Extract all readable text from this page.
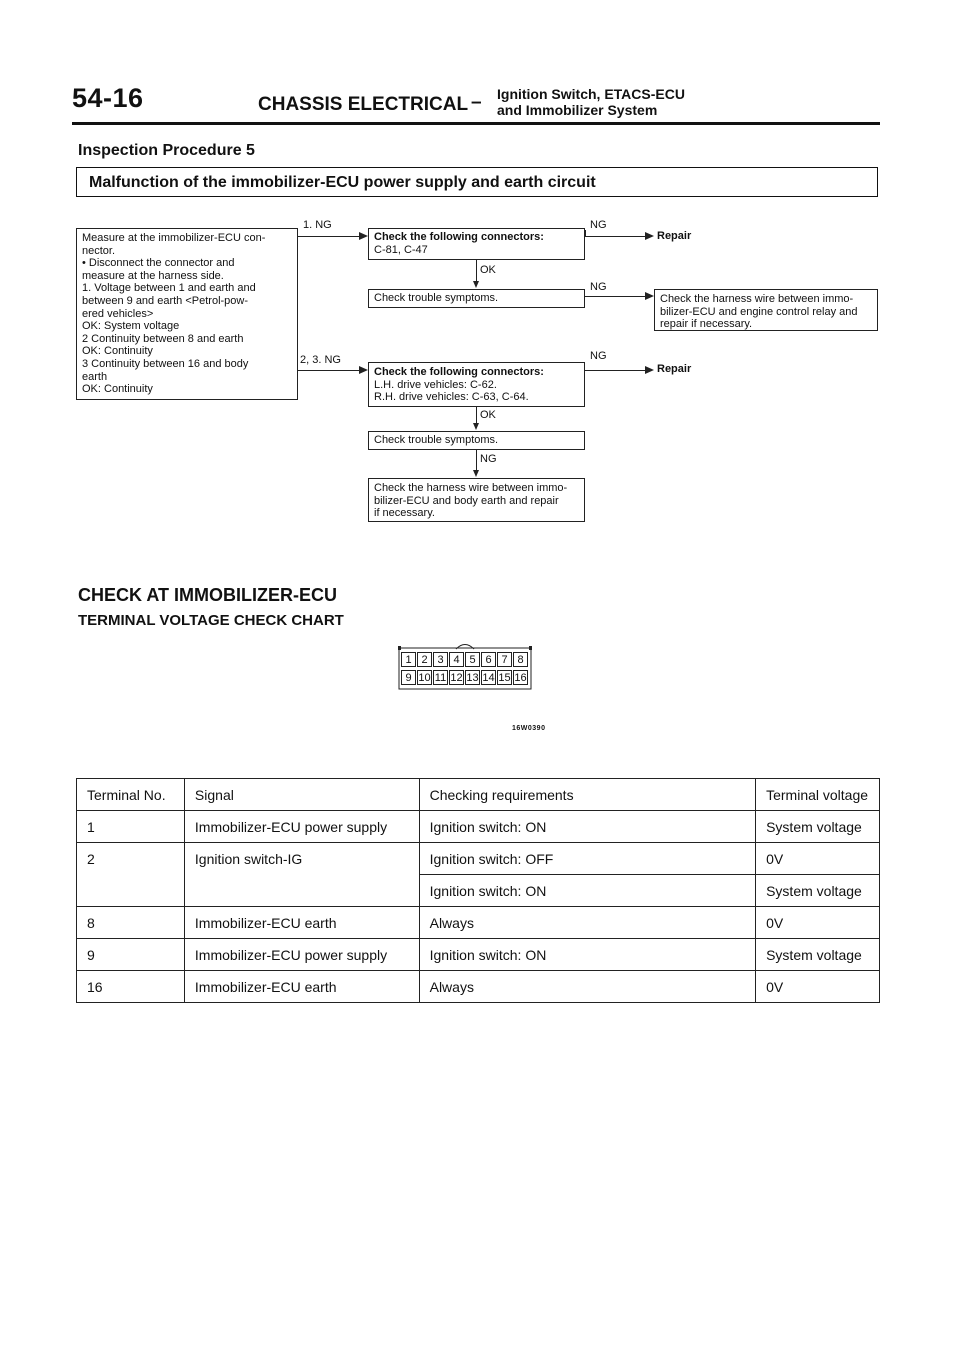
54-16	CHASSIS ELECTRICAL – Ignition Switch, ETACS-ECU
and Immobilizer System
Inspection Procedure 5
Malfunction of the immobilizer-ECU power supply and earth circuit
Measure at the immobilizer-ECU con-
nector.
• Disconnect the connector and
measure at the harness side.
1. Voltage between 1 and earth and
between 9 and earth <Petrol-pow-
ered vehicles>
OK: System voltage
2 Continuity between 8 and earth
OK: Continuity
3 Continuity between 16 and body
earth
OK: Continuity
1. NG
Check the following connectors:
C-81, C-47
OK
Check trouble symptoms.
NG
Repair
NG
Check the harness wire between immo-
bilizer-ECU and engine control relay and
repair if necessary.
2, 3. NG
Check the following connectors:
L.H. drive vehicles: C-62.
R.H. drive vehicles: C-63, C-64.
NG
Repair
OK
Check trouble symptoms.
NG
Check the harness wire between immo-
bilizer-ECU and body earth and repair
if necessary.
CHECK AT IMMOBILIZER-ECU
TERMINAL VOLTAGE CHECK CHART
1 2 3 4 5 6 7 8
9 10 11 12 13 14 15 16
16W0390
Terminal No.	Signal	Checking requirements	Terminal voltage
1	Immobilizer-ECU power supply	Ignition switch: ON	System voltage
2	Ignition switch-IG	Ignition switch: OFF	0V
		Ignition switch: ON	System voltage
8	Immobilizer-ECU earth	Always	0V
9	Immobilizer-ECU power supply	Ignition switch: ON	System voltage
16	Immobilizer-ECU earth	Always	0V
